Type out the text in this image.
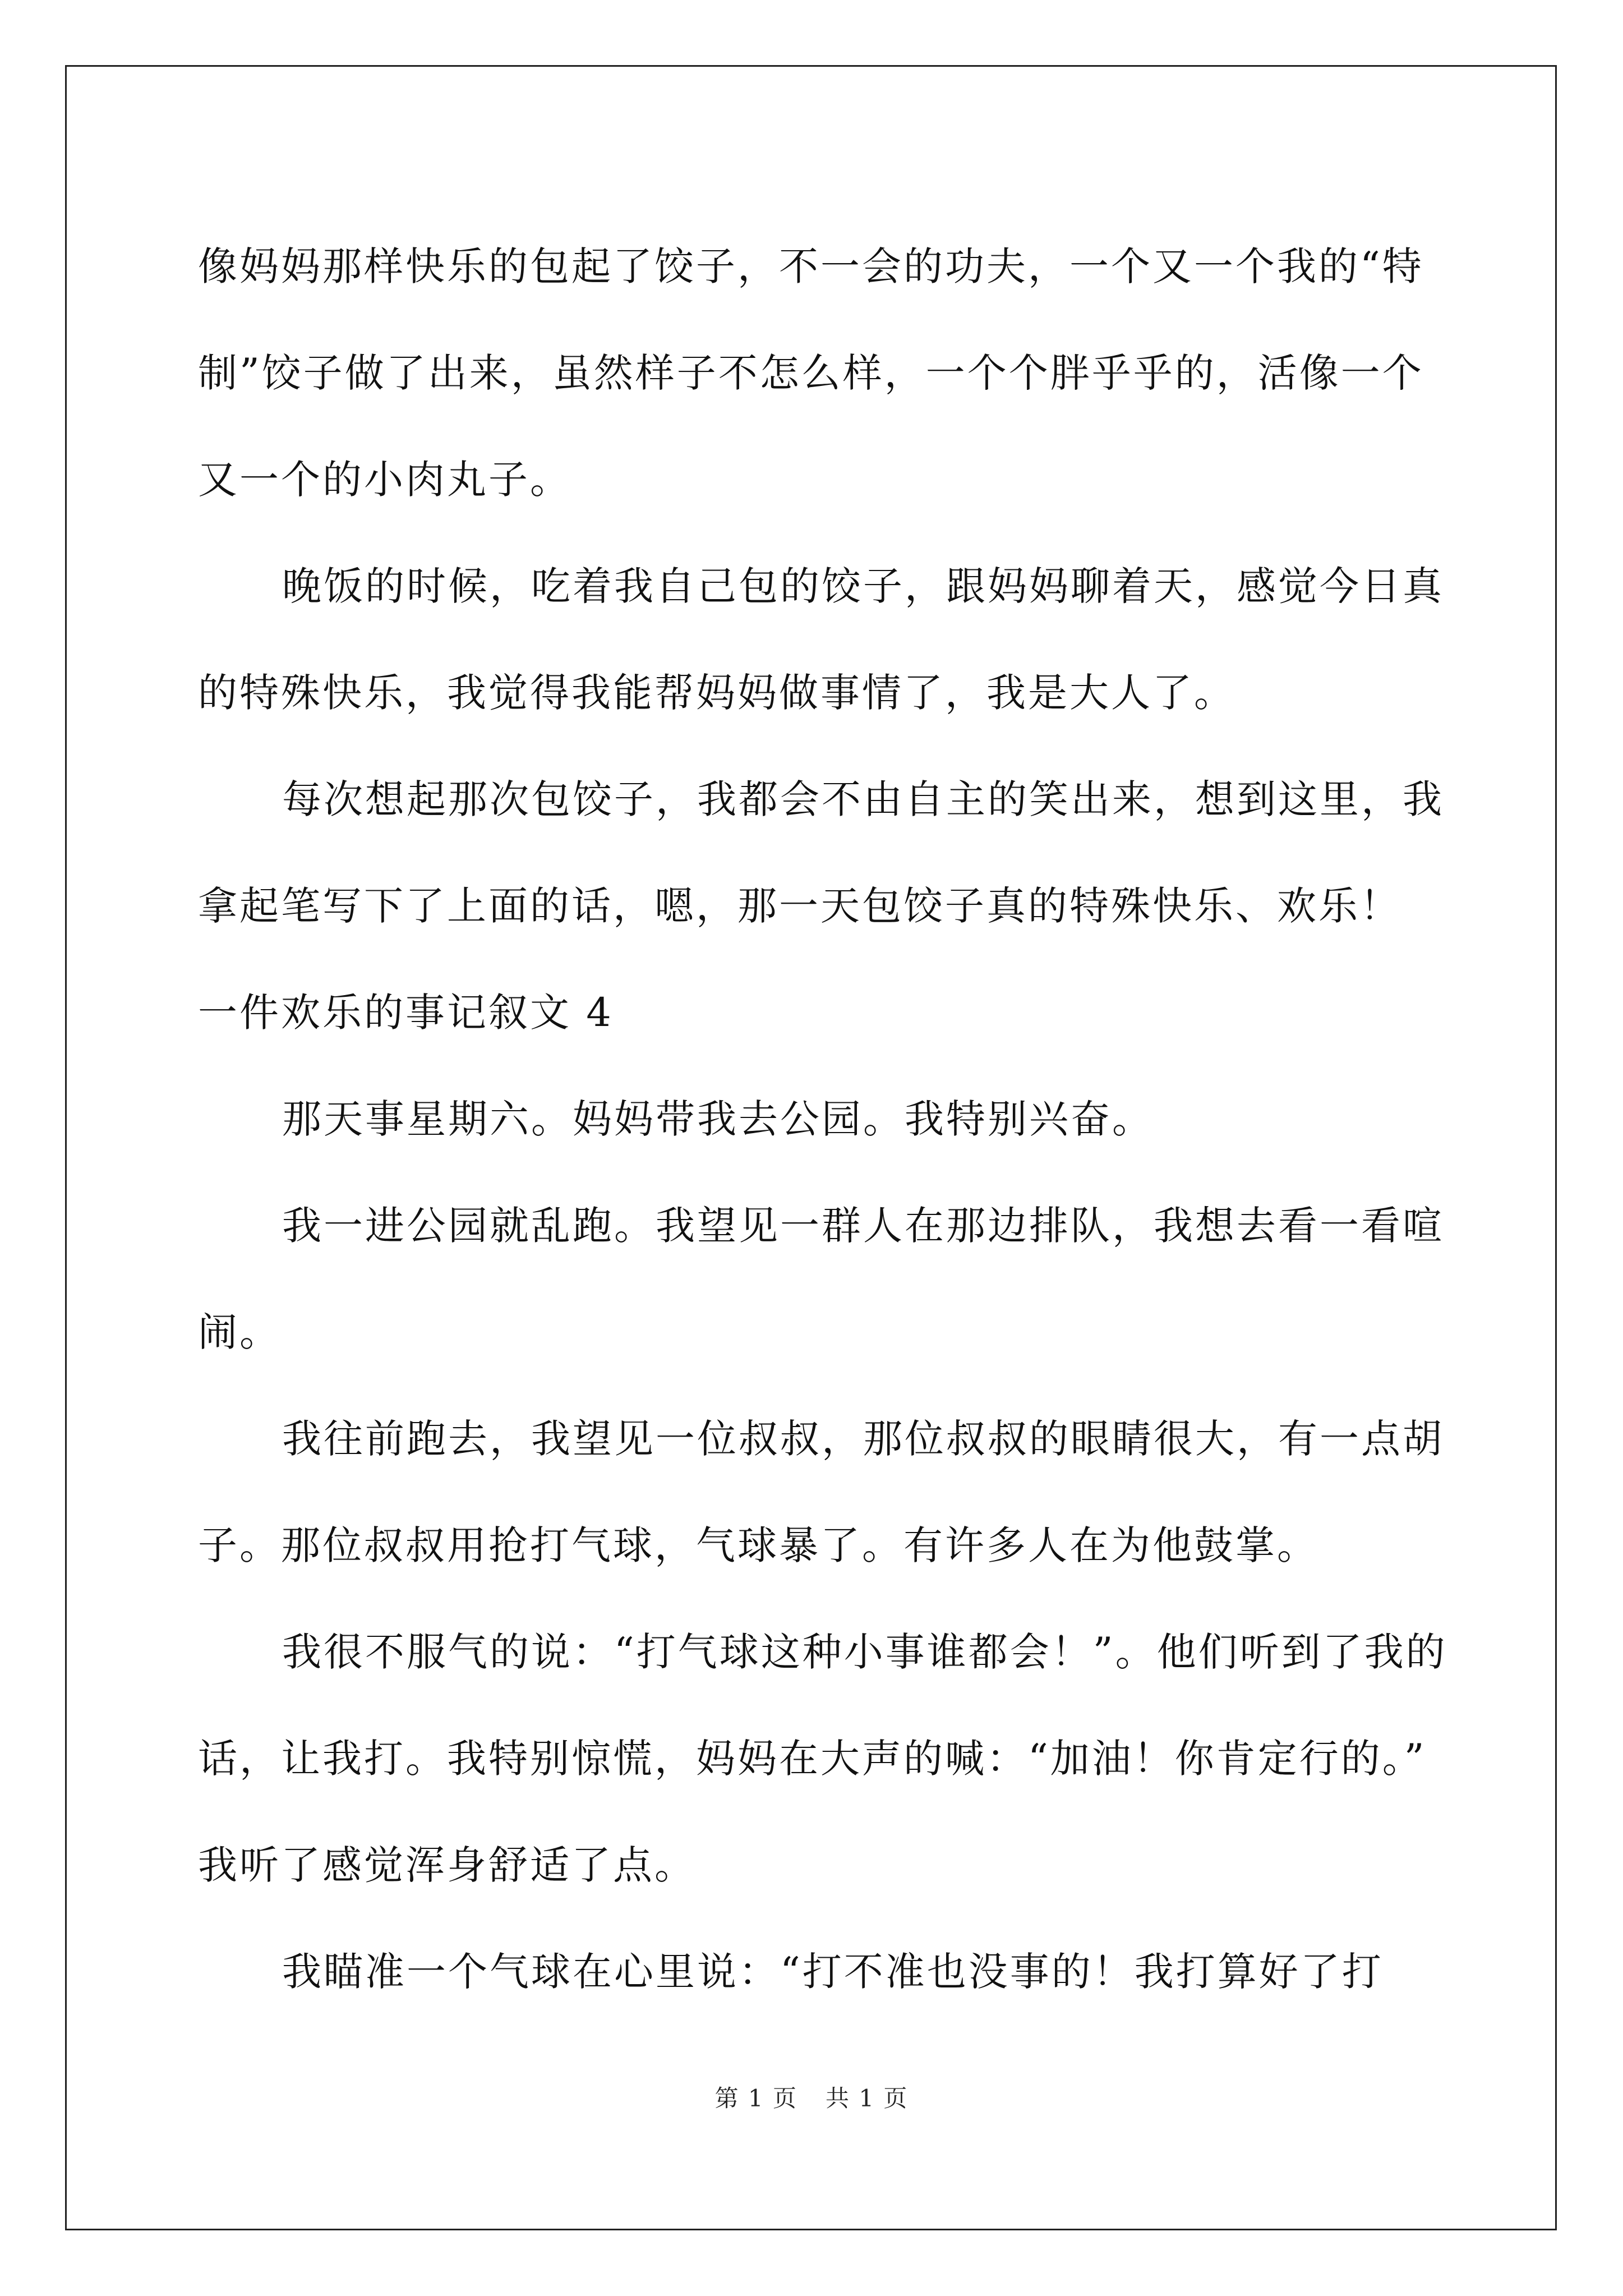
像妈妈那样快乐的包起了饺子，不一会的功夫，一个又一个我的“特
制”饺子做了出来，虽然样子不怎么样，一个个胖乎乎的，活像一个
又一个的小肉丸子。
晚饭的时候，吃着我自己包的饺子，跟妈妈聊着天，感觉今日真
的特殊快乐，我觉得我能帮妈妈做事情了，我是大人了。
每次想起那次包饺子，我都会不由自主的笑出来，想到这里，我
拿起笔写下了上面的话，嗯，那一天包饺子真的特殊快乐、欢乐！
一件欢乐的事记叙文 4
那天事星期六。妈妈带我去公园。我特别兴奋。
我一进公园就乱跑。我望见一群人在那边排队，我想去看一看喧
闹。
我往前跑去，我望见一位叔叔，那位叔叔的眼睛很大，有一点胡
子。那位叔叔用抢打气球，气球暴了。有许多人在为他鼓掌。
我很不服气的说：“打气球这种小事谁都会！”。他们听到了我的
话，让我打。我特别惊慌，妈妈在大声的喊：“加油！你肯定行的。”
我听了感觉浑身舒适了点。
我瞄准一个气球在心里说：“打不准也没事的！我打算好了打
第 1 页 共 1 页
